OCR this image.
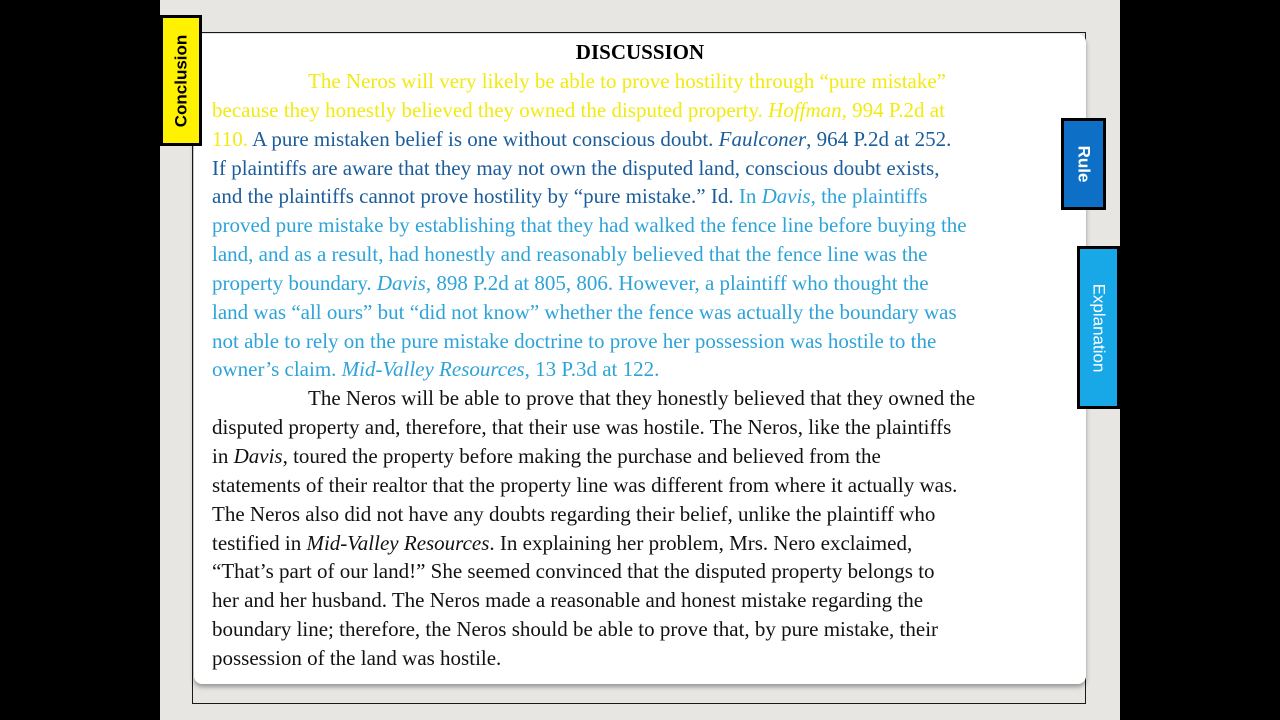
DISCUSSION
The Neros will very likely be able to prove hostility through “pure mistake”
because they honestly believed they owned the disputed property. Hoffman, 994 P.2d at
110. A pure mistaken belief is one without conscious doubt. Faulconer, 964 P.2d at 252.
If plaintiffs are aware that they may not own the disputed land, conscious doubt exists,
and the plaintiffs cannot prove hostility by “pure mistake.” Id. In Davis, the plaintiffs
proved pure mistake by establishing that they had walked the fence line before buying the
land, and as a result, had honestly and reasonably believed that the fence line was the
property boundary. Davis, 898 P.2d at 805, 806. However, a plaintiff who thought the
land was “all ours” but “did not know” whether the fence was actually the boundary was
not able to rely on the pure mistake doctrine to prove her possession was hostile to the
owner’s claim. Mid-Valley Resources, 13 P.3d at 122.
The Neros will be able to prove that they honestly believed that they owned the
disputed property and, therefore, that their use was hostile. The Neros, like the plaintiffs
in Davis, toured the property before making the purchase and believed from the
statements of their realtor that the property line was different from where it actually was.
The Neros also did not have any doubts regarding their belief, unlike the plaintiff who
testified in Mid-Valley Resources. In explaining her problem, Mrs. Nero exclaimed,
“That’s part of our land!” She seemed convinced that the disputed property belongs to
her and her husband. The Neros made a reasonable and honest mistake regarding the
boundary line; therefore, the Neros should be able to prove that, by pure mistake, their
possession of the land was hostile.
Conclusion
Rule
Explanation
